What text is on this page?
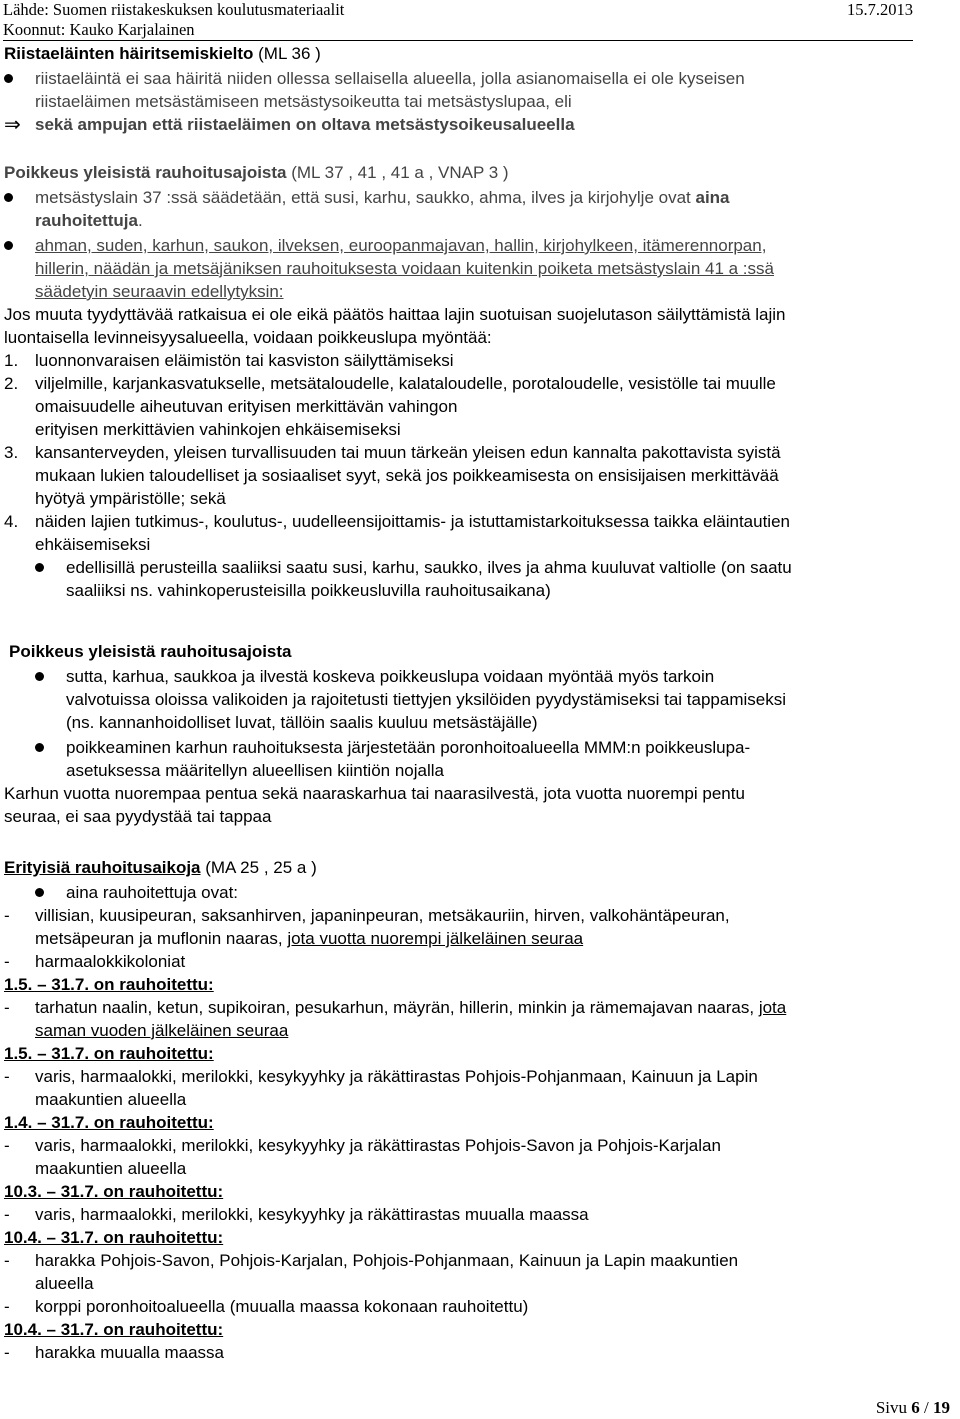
Lähde: Suomen riistakeskuksen koulutusmateriaalit	15.7.2013
Koonnut: Kauko Karjalainen
Riistaeläinten häiritsemiskielto (ML 36 )
riistaeläintä ei saa häiritä niiden ollessa sellaisella alueella, jolla asianomaisella ei ole kyseisen
riistaeläimen metsästämiseen metsästysoikeutta tai metsästyslupaa, eli
⇒ sekä ampujan että riistaeläimen on oltava metsästysoikeusalueella
Poikkeus yleisistä rauhoitusajoista (ML 37 , 41 , 41 a , VNAP 3 )
metsästyslain 37 :ssä säädetään, että susi, karhu, saukko, ahma, ilves ja kirjohylje ovat aina
rauhoitettuja.
ahman, suden, karhun, saukon, ilveksen, euroopanmajavan, hallin, kirjohylkeen, itämerennorpan,
hillerin, näädän ja metsäjäniksen rauhoituksesta voidaan kuitenkin poiketa metsästyslain 41 a :ssä
säädetyin seuraavin edellytyksin:
Jos muuta tyydyttävää ratkaisua ei ole eikä päätös haittaa lajin suotuisan suojelutason säilyttämistä lajin
luontaisella levinneisyysalueella, voidaan poikkeuslupa myöntää:
1. luonnonvaraisen eläimistön tai kasviston säilyttämiseksi
2. viljelmille, karjankasvatukselle, metsätaloudelle, kalataloudelle, porotaloudelle, vesistölle tai muulle
omaisuudelle aiheutuvan erityisen merkittävän vahingon
erityisen merkittävien vahinkojen ehkäisemiseksi
3. kansanterveyden, yleisen turvallisuuden tai muun tärkeän yleisen edun kannalta pakottavista syistä
mukaan lukien taloudelliset ja sosiaaliset syyt, sekä jos poikkeamisesta on ensisijaisen merkittävää
hyötyä ympäristölle; sekä
4. näiden lajien tutkimus-, koulutus-, uudelleensijoittamis- ja istuttamistarkoituksessa taikka eläintautien
ehkäisemiseksi
edellisillä perusteilla saaliiksi saatu susi, karhu, saukko, ilves ja ahma kuuluvat valtiolle (on saatu
saaliiksi ns. vahinkoperusteisilla poikkeusluvilla rauhoitusaikana)
Poikkeus yleisistä rauhoitusajoista
sutta, karhua, saukkoa ja ilvestä koskeva poikkeuslupa voidaan myöntää myös tarkoin
valvotuissa oloissa valikoiden ja rajoitetusti tiettyjen yksilöiden pyydystämiseksi tai tappamiseksi
(ns. kannanhoidolliset luvat, tällöin saalis kuuluu metsästäjälle)
poikkeaminen karhun rauhoituksesta järjestetään poronhoitoalueella MMM:n poikkeuslupa-
asetuksessa määritellyn alueellisen kiintiön nojalla
Karhun vuotta nuorempaa pentua sekä naaraskarhua tai naarasilvestä, jota vuotta nuorempi pentu
seuraa, ei saa pyydystää tai tappaa
Erityisiä rauhoitusaikoja (MA 25 , 25 a )
aina rauhoitettuja ovat:
- villisian, kuusipeuran, saksanhirven, japaninpeuran, metsäkauriin, hirven, valkohäntäpeuran,
metsäpeuran ja muflonin naaras, jota vuotta nuorempi jälkeläinen seuraa
- harmaalokkikoloniat
1.5. – 31.7. on rauhoitettu:
- tarhatun naalin, ketun, supikoiran, pesukarhun, mäyrän, hillerin, minkin ja rämemajavan naaras, jota
saman vuoden jälkeläinen seuraa
1.5. – 31.7. on rauhoitettu:
- varis, harmaalokki, merilokki, kesykyyhky ja räkättirastas Pohjois-Pohjanmaan, Kainuun ja Lapin
maakuntien alueella
1.4. – 31.7. on rauhoitettu:
- varis, harmaalokki, merilokki, kesykyyhky ja räkättirastas Pohjois-Savon ja Pohjois-Karjalan
maakuntien alueella
10.3. – 31.7. on rauhoitettu:
- varis, harmaalokki, merilokki, kesykyyhky ja räkättirastas muualla maassa
10.4. – 31.7. on rauhoitettu:
- harakka Pohjois-Savon, Pohjois-Karjalan, Pohjois-Pohjanmaan, Kainuun ja Lapin maakuntien
alueella
- korppi poronhoitoalueella (muualla maassa kokonaan rauhoitettu)
10.4. – 31.7. on rauhoitettu:
- harakka muualla maassa
Sivu 6 / 19
